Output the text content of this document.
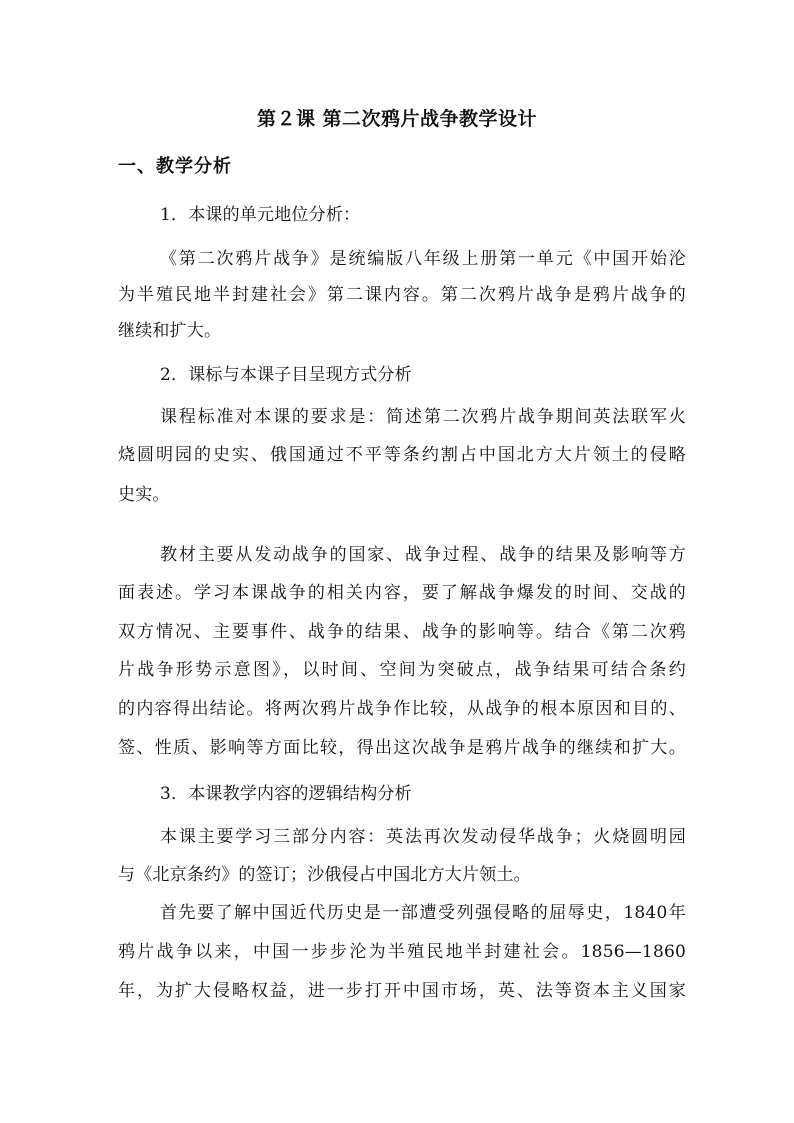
第２课 第二次鸦片战争教学设计
一、教学分析
1．本课的单元地位分析：
《第二次鸦片战争》是统编版八年级上册第一单元《中国开始沦
为半殖民地半封建社会》第二课内容。第二次鸦片战争是鸦片战争的
继续和扩大。
2．课标与本课子目呈现方式分析
课程标准对本课的要求是：简述第二次鸦片战争期间英法联军火
烧圆明园的史实、俄国通过不平等条约割占中国北方大片领土的侵略
史实。
教材主要从发动战争的国家、战争过程、战争的结果及影响等方
面表述。学习本课战争的相关内容，要了解战争爆发的时间、交战的
双方情况、主要事件、战争的结果、战争的影响等。结合《第二次鸦
片战争形势示意图》，以时间、空间为突破点，战争结果可结合条约
的内容得出结论。将两次鸦片战争作比较，从战争的根本原因和目的、
签、性质、影响等方面比较，得出这次战争是鸦片战争的继续和扩大。
3．本课教学内容的逻辑结构分析
本课主要学习三部分内容：英法再次发动侵华战争；火烧圆明园
与《北京条约》的签订；沙俄侵占中国北方大片领土。
首先要了解中国近代历史是一部遭受列强侵略的屈辱史，1840年
鸦片战争以来，中国一步步沦为半殖民地半封建社会。1856—1860
年，为扩大侵略权益，进一步打开中国市场，英、法等资本主义国家
